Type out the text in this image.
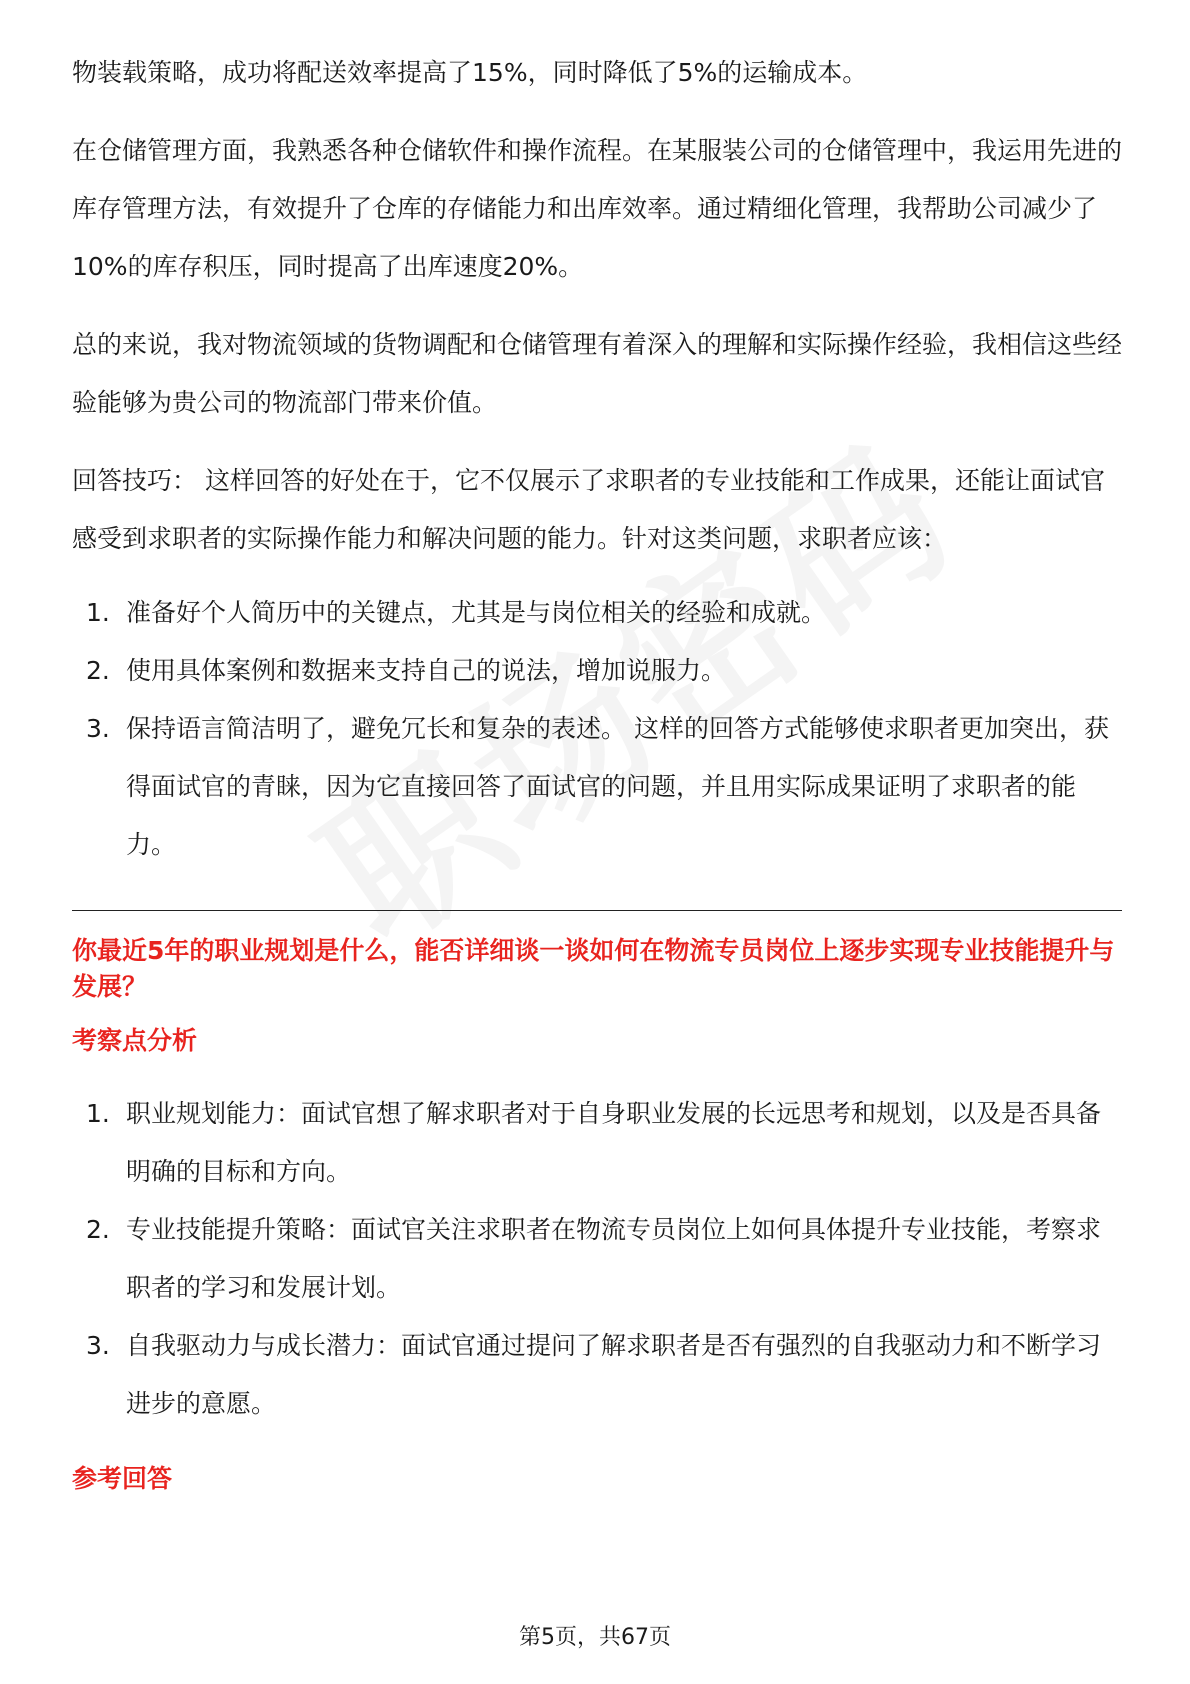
物装载策略，成功将配送效率提高了15%，同时降低了5%的运输成本。

在仓储管理方面，我熟悉各种仓储软件和操作流程。在某服装公司的仓储管理中，我运用先进的库存管理方法，有效提升了仓库的存储能力和出库效率。通过精细化管理，我帮助公司减少了10%的库存积压，同时提高了出库速度20%。

总的来说，我对物流领域的货物调配和仓储管理有着深入的理解和实际操作经验，我相信这些经验能够为贵公司的物流部门带来价值。

回答技巧： 这样回答的好处在于，它不仅展示了求职者的专业技能和工作成果，还能让面试官感受到求职者的实际操作能力和解决问题的能力。针对这类问题，求职者应该：

1. 准备好个人简历中的关键点，尤其是与岗位相关的经验和成就。
2. 使用具体案例和数据来支持自己的说法，增加说服力。
3. 保持语言简洁明了，避免冗长和复杂的表述。 这样的回答方式能够使求职者更加突出，获得面试官的青睐，因为它直接回答了面试官的问题，并且用实际成果证明了求职者的能力。
你最近5年的职业规划是什么，能否详细谈一谈如何在物流专员岗位上逐步实现专业技能提升与发展？
考察点分析
1. 职业规划能力：面试官想了解求职者对于自身职业发展的长远思考和规划，以及是否具备明确的目标和方向。
2. 专业技能提升策略：面试官关注求职者在物流专员岗位上如何具体提升专业技能，考察求职者的学习和发展计划。
3. 自我驱动力与成长潜力：面试官通过提问了解求职者是否有强烈的自我驱动力和不断学习进步的意愿。
参考回答
第5页，共67页
